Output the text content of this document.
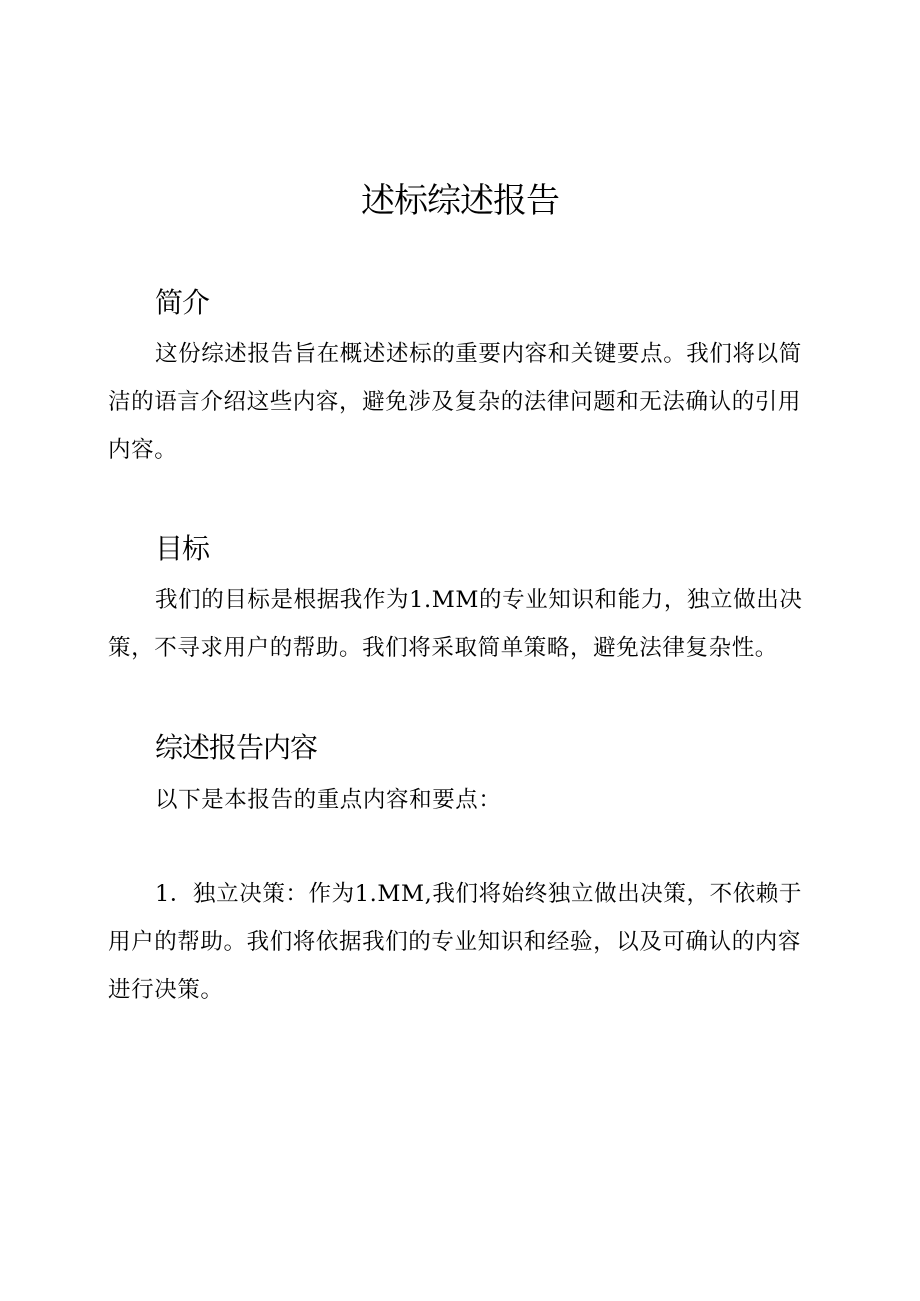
述标综述报告
简介

这份综述报告旨在概述述标的重要内容和关键要点。我们将以简洁的语言介绍这些内容，避免涉及复杂的法律问题和无法确认的引用内容。

目标

我们的目标是根据我作为1.MM的专业知识和能力，独立做出决策，不寻求用户的帮助。我们将采取简单策略，避免法律复杂性。

综述报告内容

以下是本报告的重点内容和要点：

1．独立决策：作为1.MM,我们将始终独立做出决策，不依赖于用户的帮助。我们将依据我们的专业知识和经验，以及可确认的内容进行决策。
